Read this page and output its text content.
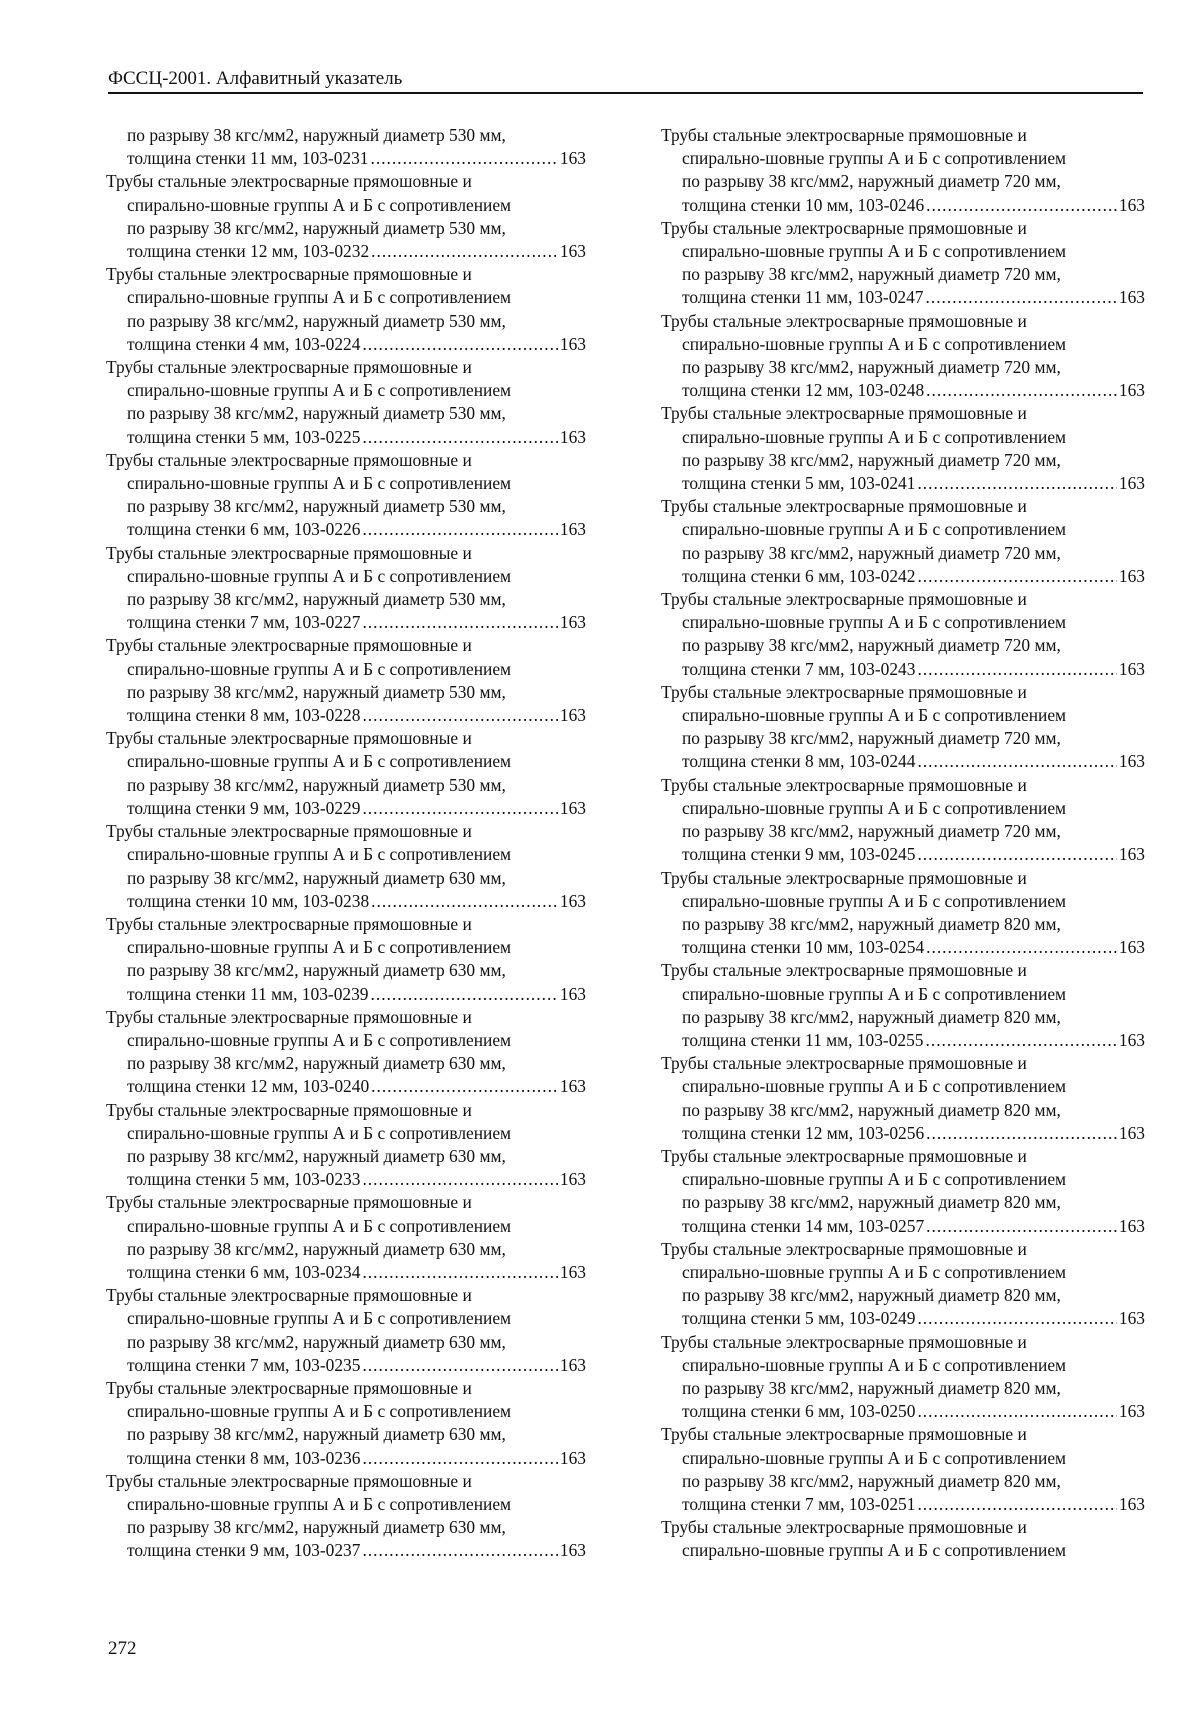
ФССЦ-2001. Алфавитный указатель
по разрыву 38 кгс/мм2, наружный диаметр 530 мм,
толщина стенки 11 мм, 103-0231 .....	163
Трубы стальные электросварные прямошовные и
спирально-шовные группы А и Б с сопротивлением
по разрыву 38 кгс/мм2, наружный диаметр 530 мм,
толщина стенки 12 мм, 103-0232 .....	163
Трубы стальные электросварные прямошовные и
спирально-шовные группы А и Б с сопротивлением
по разрыву 38 кгс/мм2, наружный диаметр 530 мм,
толщина стенки 4 мм, 103-0224 .....	163
Трубы стальные электросварные прямошовные и
спирально-шовные группы А и Б с сопротивлением
по разрыву 38 кгс/мм2, наружный диаметр 530 мм,
толщина стенки 5 мм, 103-0225 .....	163
Трубы стальные электросварные прямошовные и
спирально-шовные группы А и Б с сопротивлением
по разрыву 38 кгс/мм2, наружный диаметр 530 мм,
толщина стенки 6 мм, 103-0226 .....	163
Трубы стальные электросварные прямошовные и
спирально-шовные группы А и Б с сопротивлением
по разрыву 38 кгс/мм2, наружный диаметр 530 мм,
толщина стенки 7 мм, 103-0227 .....	163
Трубы стальные электросварные прямошовные и
спирально-шовные группы А и Б с сопротивлением
по разрыву 38 кгс/мм2, наружный диаметр 530 мм,
толщина стенки 8 мм, 103-0228 .....	163
Трубы стальные электросварные прямошовные и
спирально-шовные группы А и Б с сопротивлением
по разрыву 38 кгс/мм2, наружный диаметр 530 мм,
толщина стенки 9 мм, 103-0229 .....	163
Трубы стальные электросварные прямошовные и
спирально-шовные группы А и Б с сопротивлением
по разрыву 38 кгс/мм2, наружный диаметр 630 мм,
толщина стенки 10 мм, 103-0238 .....	163
Трубы стальные электросварные прямошовные и
спирально-шовные группы А и Б с сопротивлением
по разрыву 38 кгс/мм2, наружный диаметр 630 мм,
толщина стенки 11 мм, 103-0239 .....	163
Трубы стальные электросварные прямошовные и
спирально-шовные группы А и Б с сопротивлением
по разрыву 38 кгс/мм2, наружный диаметр 630 мм,
толщина стенки 12 мм, 103-0240 .....	163
Трубы стальные электросварные прямошовные и
спирально-шовные группы А и Б с сопротивлением
по разрыву 38 кгс/мм2, наружный диаметр 630 мм,
толщина стенки 5 мм, 103-0233 .....	163
Трубы стальные электросварные прямошовные и
спирально-шовные группы А и Б с сопротивлением
по разрыву 38 кгс/мм2, наружный диаметр 630 мм,
толщина стенки 6 мм, 103-0234 .....	163
Трубы стальные электросварные прямошовные и
спирально-шовные группы А и Б с сопротивлением
по разрыву 38 кгс/мм2, наружный диаметр 630 мм,
толщина стенки 7 мм, 103-0235 .....	163
Трубы стальные электросварные прямошовные и
спирально-шовные группы А и Б с сопротивлением
по разрыву 38 кгс/мм2, наружный диаметр 630 мм,
толщина стенки 8 мм, 103-0236 .....	163
Трубы стальные электросварные прямошовные и
спирально-шовные группы А и Б с сопротивлением
по разрыву 38 кгс/мм2, наружный диаметр 630 мм,
толщина стенки 9 мм, 103-0237 .....	163
Трубы стальные электросварные прямошовные и
спирально-шовные группы А и Б с сопротивлением
по разрыву 38 кгс/мм2, наружный диаметр 720 мм,
толщина стенки 10 мм, 103-0246 .....	163
Трубы стальные электросварные прямошовные и
спирально-шовные группы А и Б с сопротивлением
по разрыву 38 кгс/мм2, наружный диаметр 720 мм,
толщина стенки 11 мм, 103-0247 .....	163
Трубы стальные электросварные прямошовные и
спирально-шовные группы А и Б с сопротивлением
по разрыву 38 кгс/мм2, наружный диаметр 720 мм,
толщина стенки 12 мм, 103-0248 .....	163
Трубы стальные электросварные прямошовные и
спирально-шовные группы А и Б с сопротивлением
по разрыву 38 кгс/мм2, наружный диаметр 720 мм,
толщина стенки 5 мм, 103-0241 .....	163
Трубы стальные электросварные прямошовные и
спирально-шовные группы А и Б с сопротивлением
по разрыву 38 кгс/мм2, наружный диаметр 720 мм,
толщина стенки 6 мм, 103-0242 .....	163
Трубы стальные электросварные прямошовные и
спирально-шовные группы А и Б с сопротивлением
по разрыву 38 кгс/мм2, наружный диаметр 720 мм,
толщина стенки 7 мм, 103-0243 .....	163
Трубы стальные электросварные прямошовные и
спирально-шовные группы А и Б с сопротивлением
по разрыву 38 кгс/мм2, наружный диаметр 720 мм,
толщина стенки 8 мм, 103-0244 .....	163
Трубы стальные электросварные прямошовные и
спирально-шовные группы А и Б с сопротивлением
по разрыву 38 кгс/мм2, наружный диаметр 720 мм,
толщина стенки 9 мм, 103-0245 .....	163
Трубы стальные электросварные прямошовные и
спирально-шовные группы А и Б с сопротивлением
по разрыву 38 кгс/мм2, наружный диаметр 820 мм,
толщина стенки 10 мм, 103-0254 .....	163
Трубы стальные электросварные прямошовные и
спирально-шовные группы А и Б с сопротивлением
по разрыву 38 кгс/мм2, наружный диаметр 820 мм,
толщина стенки 11 мм, 103-0255 .....	163
Трубы стальные электросварные прямошовные и
спирально-шовные группы А и Б с сопротивлением
по разрыву 38 кгс/мм2, наружный диаметр 820 мм,
толщина стенки 12 мм, 103-0256 .....	163
Трубы стальные электросварные прямошовные и
спирально-шовные группы А и Б с сопротивлением
по разрыву 38 кгс/мм2, наружный диаметр 820 мм,
толщина стенки 14 мм, 103-0257 .....	163
Трубы стальные электросварные прямошовные и
спирально-шовные группы А и Б с сопротивлением
по разрыву 38 кгс/мм2, наружный диаметр 820 мм,
толщина стенки 5 мм, 103-0249 .....	163
Трубы стальные электросварные прямошовные и
спирально-шовные группы А и Б с сопротивлением
по разрыву 38 кгс/мм2, наружный диаметр 820 мм,
толщина стенки 6 мм, 103-0250 .....	163
Трубы стальные электросварные прямошовные и
спирально-шовные группы А и Б с сопротивлением
по разрыву 38 кгс/мм2, наружный диаметр 820 мм,
толщина стенки 7 мм, 103-0251 .....	163
Трубы стальные электросварные прямошовные и
спирально-шовные группы А и Б с сопротивлением
272
